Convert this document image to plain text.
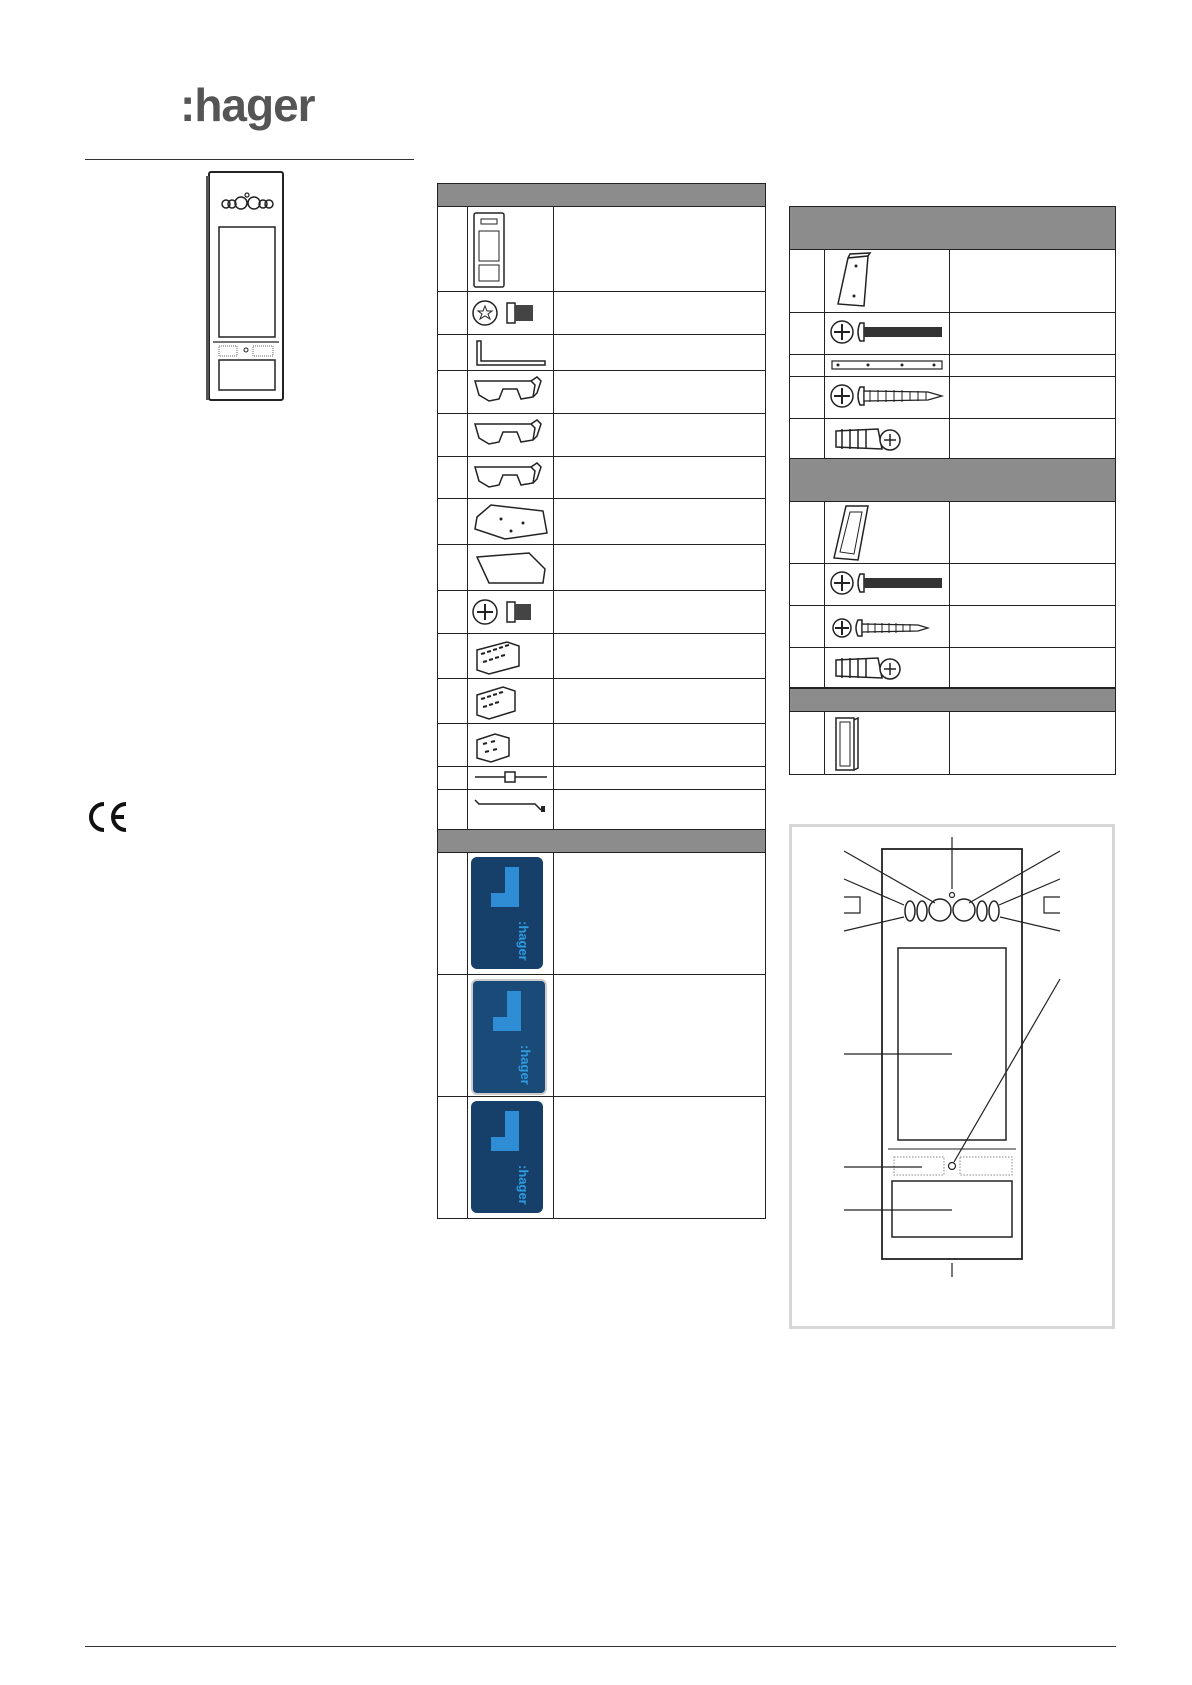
:hager
:hager
:hager
:hager
